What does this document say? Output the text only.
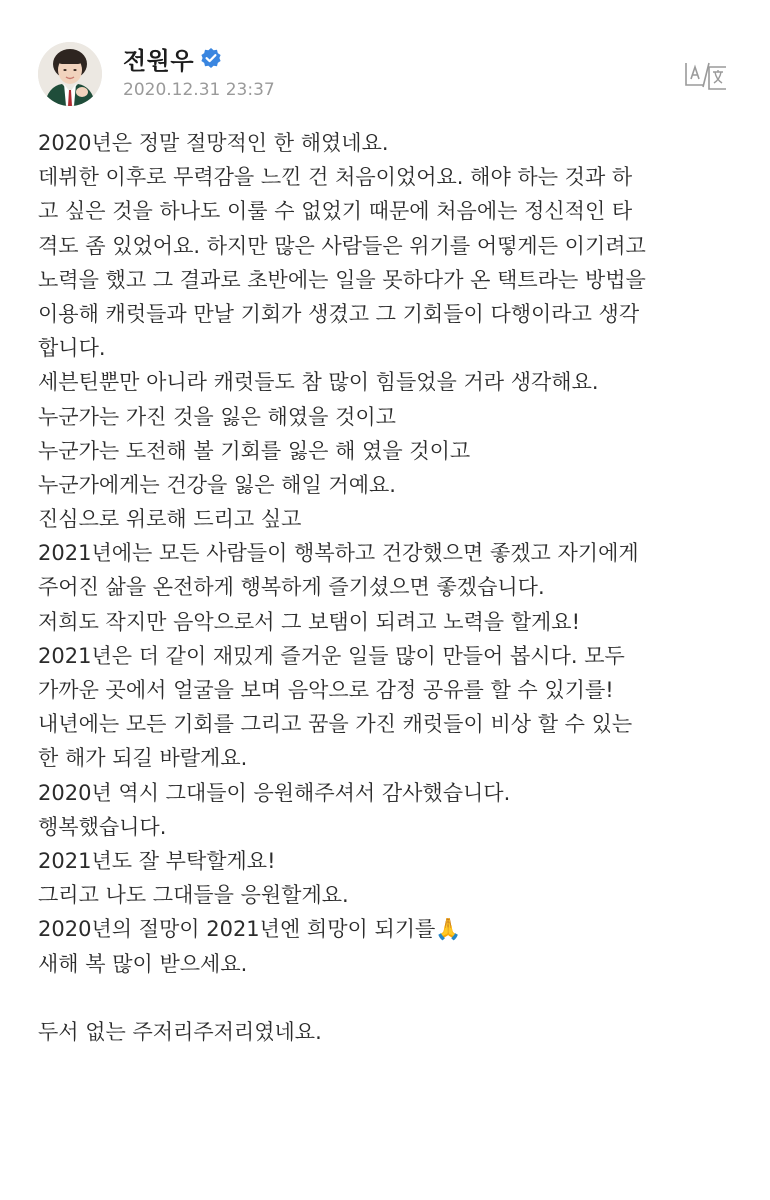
전원우
2020.12.31 23:37
2020년은 정말 절망적인 한 해였네요.
데뷔한 이후로 무력감을 느낀 건 처음이었어요. 해야 하는 것과 하
고 싶은 것을 하나도 이룰 수 없었기 때문에 처음에는 정신적인 타
격도 좀 있었어요. 하지만 많은 사람들은 위기를 어떻게든 이기려고
노력을 했고 그 결과로 초반에는 일을 못하다가 온 택트라는 방법을
이용해 캐럿들과 만날 기회가 생겼고 그 기회들이 다행이라고 생각
합니다.
세븐틴뿐만 아니라 캐럿들도 참 많이 힘들었을 거라 생각해요.
누군가는 가진 것을 잃은 해였을 것이고
누군가는 도전해 볼 기회를 잃은 해 였을 것이고
누군가에게는 건강을 잃은 해일 거예요.
진심으로 위로해 드리고 싶고
2021년에는 모든 사람들이 행복하고 건강했으면 좋겠고 자기에게
주어진 삶을 온전하게 행복하게 즐기셨으면 좋겠습니다.
저희도 작지만 음악으로서 그 보탬이 되려고 노력을 할게요!
2021년은 더 같이 재밌게 즐거운 일들 많이 만들어 봅시다. 모두
가까운 곳에서 얼굴을 보며 음악으로 감정 공유를 할 수 있기를!
내년에는 모든 기회를 그리고 꿈을 가진 캐럿들이 비상 할 수 있는
한 해가 되길 바랄게요.
2020년 역시 그대들이 응원해주셔서 감사했습니다.
행복했습니다.
2021년도 잘 부탁할게요!
그리고 나도 그대들을 응원할게요.
2020년의 절망이 2021년엔 희망이 되기를🙏
새해 복 많이 받으세요.
두서 없는 주저리주저리였네요.
